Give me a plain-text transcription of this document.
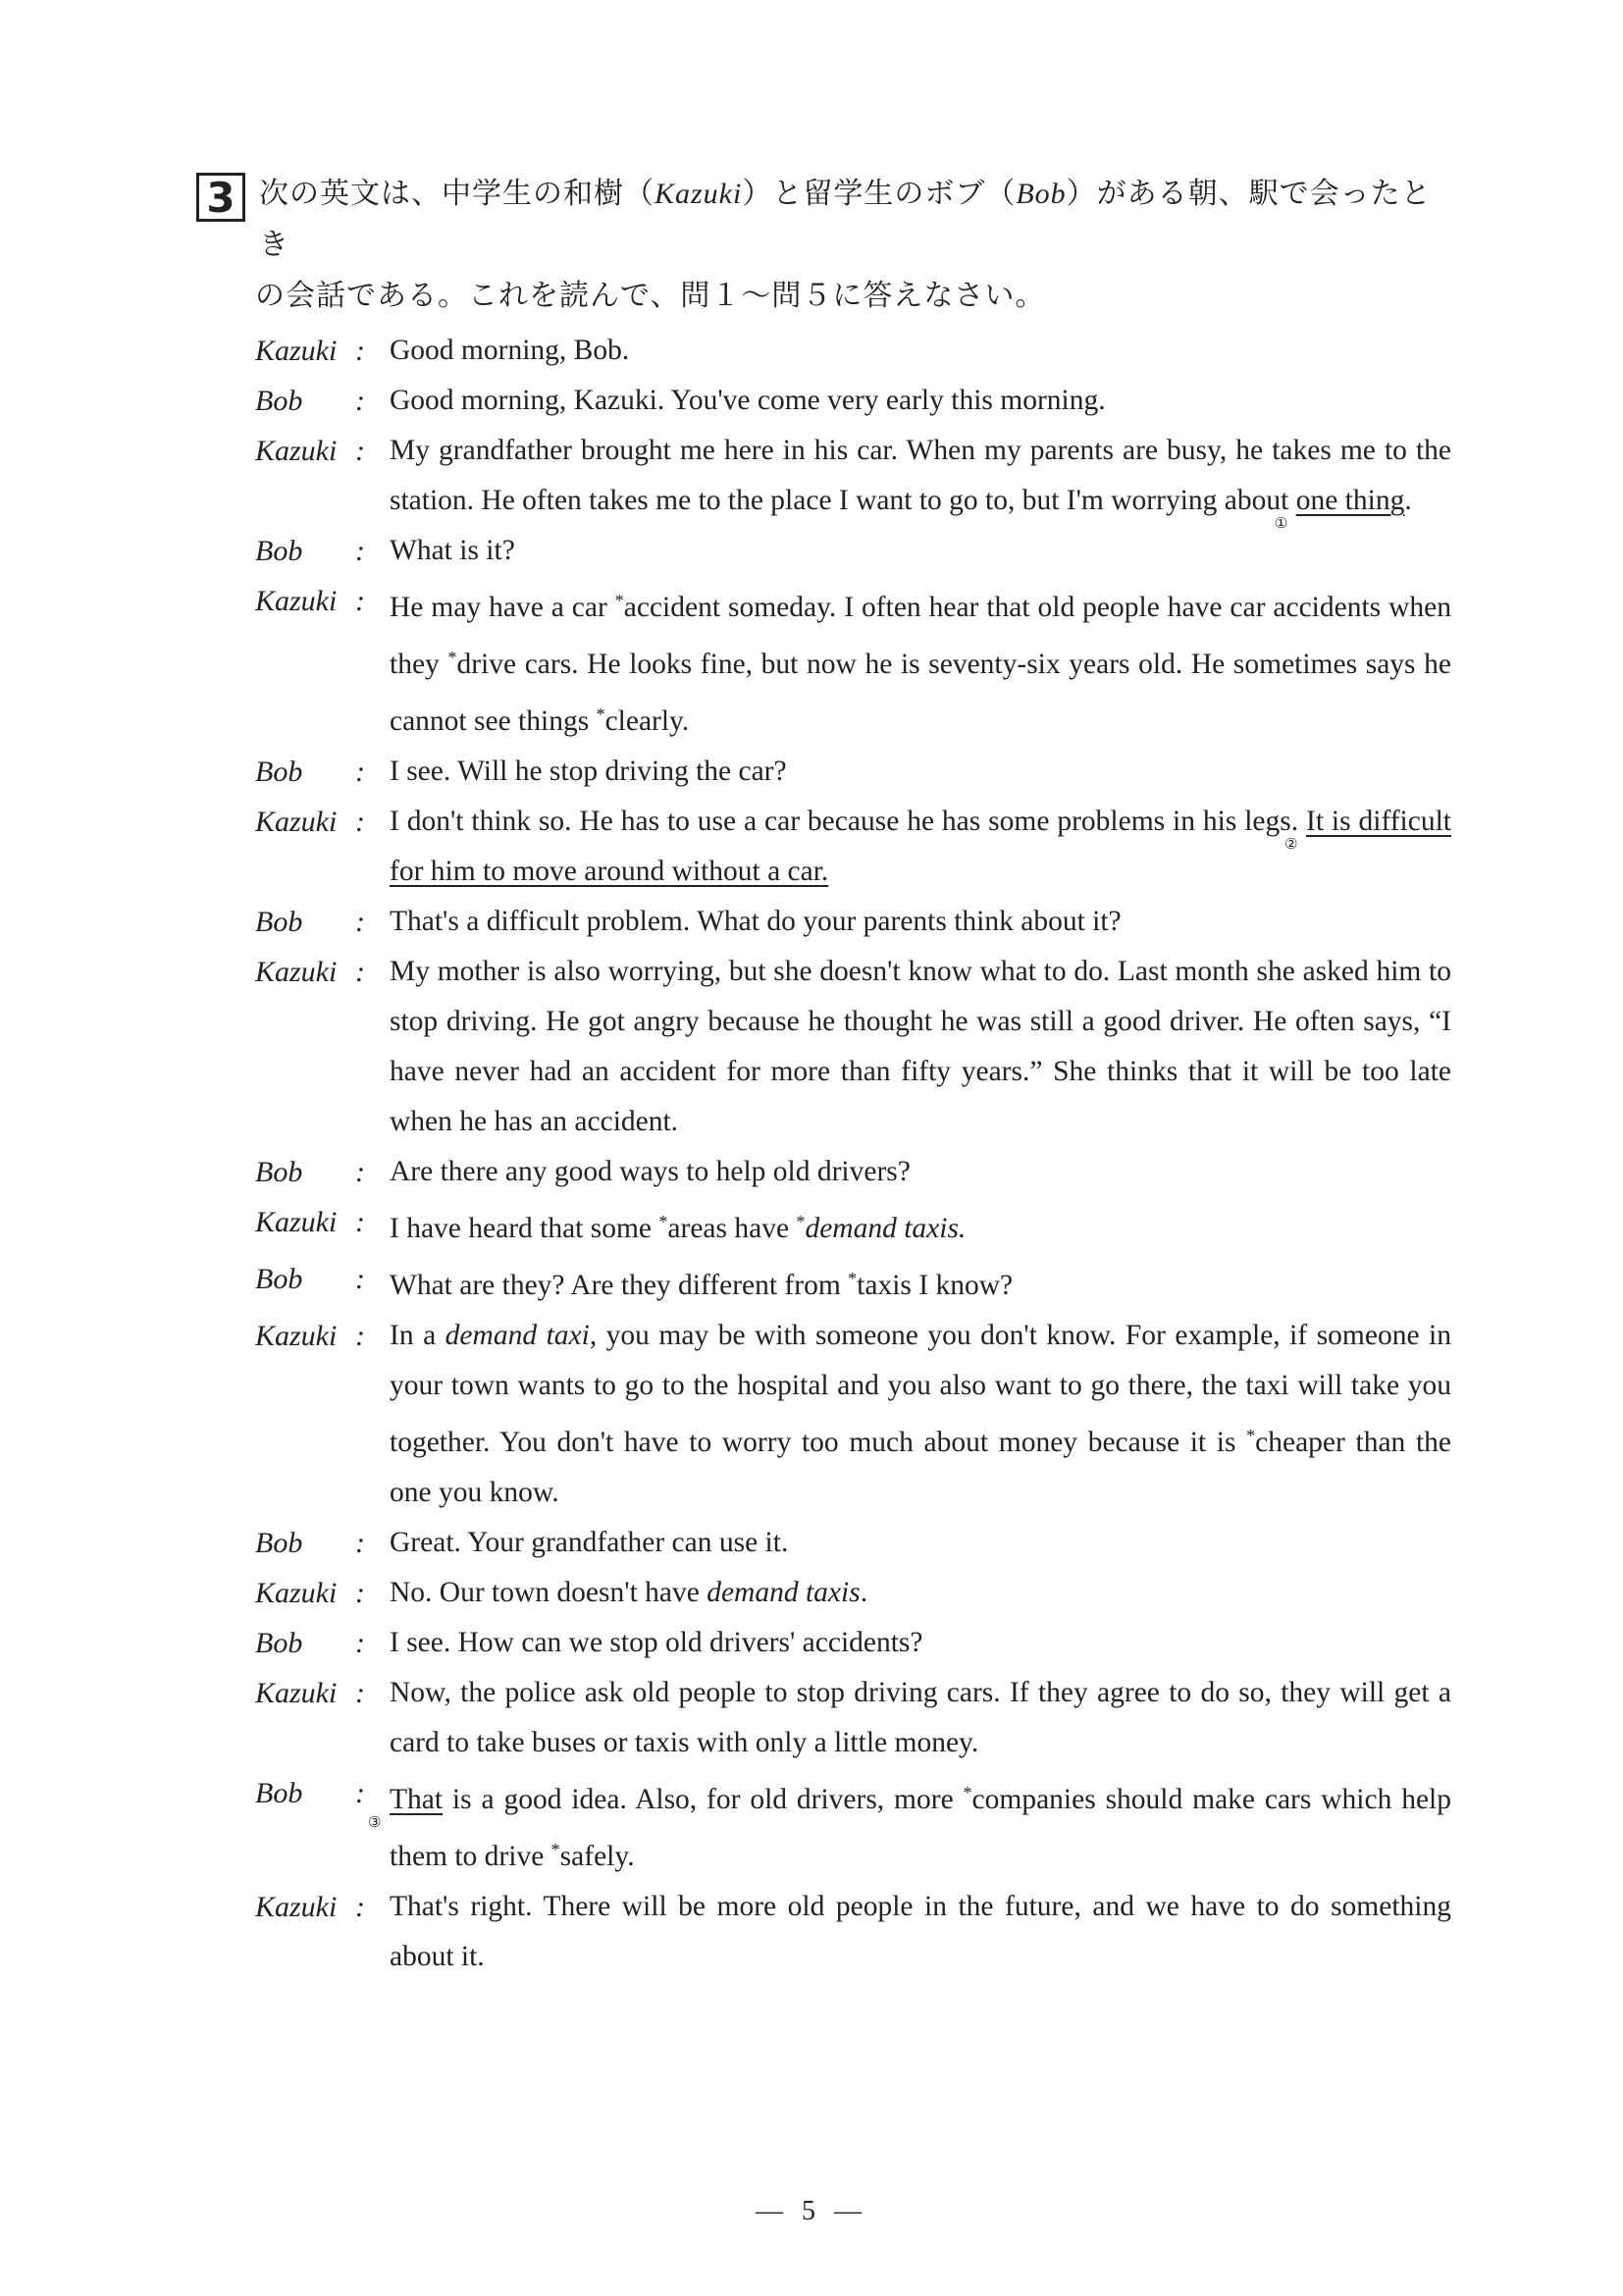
3 次の英文は、中学生の和樹（Kazuki）と留学生のボブ（Bob）がある朝、駅で会ったとき
の会話である。これを読んで、問１～問５に答えなさい。
Kazuki : Good morning, Bob.
Bob	: Good morning, Kazuki. You've come very early this morning.
Kazuki : My grandfather brought me here in his car. When my parents are busy, he takes me to the station. He often takes me to the place I want to go to, but I'm worrying about
①
one thing.
Bob	: What is it?
Kazuki : He may have a car *accident someday. I often hear that old people have car accidents when they *drive cars. He looks fine, but now he is seventy-six years old. He sometimes says he cannot see things *clearly.
Bob	: I see. Will he stop driving the car?
Kazuki : I don't think so. He has to use a car because he has some problems in his legs.
②
It is difficult for him to move around without a car.
Bob	: That's a difficult problem. What do your parents think about it?
Kazuki : My mother is also worrying, but she doesn't know what to do. Last month she asked him to stop driving. He got angry because he thought he was still a good driver. He often says, “I have never had an accident for more than fifty years.” She thinks that it will be too late when he has an accident.
Bob	: Are there any good ways to help old drivers?
Kazuki : I have heard that some *areas have *demand taxis.
Bob	: What are they? Are they different from *taxis I know?
Kazuki : In a demand taxi, you may be with someone you don't know. For example, if someone in your town wants to go to the hospital and you also want to go there, the taxi will take you together. You don't have to worry too much about money because it is *cheaper than the one you know.
Bob	: Great. Your grandfather can use it.
Kazuki : No. Our town doesn't have demand taxis.
Bob	: I see. How can we stop old drivers' accidents?
Kazuki : Now, the police ask old people to stop driving cars. If they agree to do so, they will get a card to take buses or taxis with only a little money.
Bob	:
③
That is a good idea. Also, for old drivers, more *companies should make cars which help them to drive *safely.
Kazuki : That's right. There will be more old people in the future, and we have to do something about it.
— 5 —
